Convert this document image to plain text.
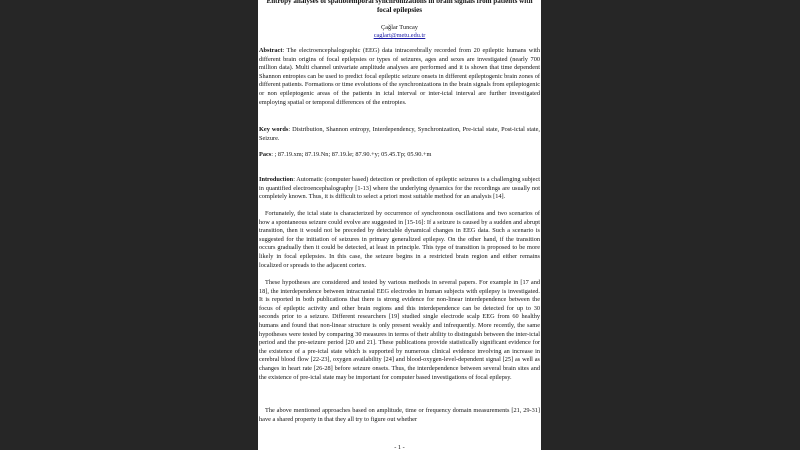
Entropy analyses of spatiotemporal synchronizations in brain signals from patients with focal epilepsies
Çağlar Tuncay
caglart@metu.edu.tr

Abstract: The electroencephalographic (EEG) data intracerebrally recorded from 20 epileptic humans with different brain origins of focal epilepsies or types of seizures, ages and sexes are investigated (nearly 700 million data). Multi channel univariate amplitude analyses are performed and it is shown that time dependent Shannon entropies can be used to predict focal epileptic seizure onsets in different epileptogenic brain zones of different patients. Formations or time evolutions of the synchronizations in the brain signals from epileptogenic or non epileptogenic areas of the patients in ictal interval or inter-ictal interval are further investigated employing spatial or temporal differences of the entropies.

Key words: Distribution, Shannon entropy, Interdependency, Synchronization, Pre-ictal state, Post-ictal state, Seizure.

Pacs: ; 87.19.xm; 87.19.Nn; 87.19.le; 87.90.+y; 05.45.Tp; 05.90.+m

Introduction: Automatic (computer based) detection or prediction of epileptic seizures is a challenging subject in quantified electroencephalography [1-13] where the underlying dynamics for the recordings are usually not completely known. Thus, it is difficult to select a priori most suitable method for an analysis [14].

Fortunately, the ictal state is characterized by occurrence of synchronous oscillations and two scenarios of how a spontaneous seizure could evolve are suggested in [15-16]: If a seizure is caused by a sudden and abrupt transition, then it would not be preceded by detectable dynamical changes in EEG data. Such a scenario is suggested for the initiation of seizures in primary generalized epilepsy. On the other hand, if the transition occurs gradually then it could be detected, at least in principle. This type of transition is proposed to be more likely in focal epilepsies. In this case, the seizure begins in a restricted brain region and either remains localized or spreads to the adjacent cortex.

These hypotheses are considered and tested by various methods in several papers. For example in [17 and 18], the interdependence between intracranial EEG electrodes in human subjects with epilepsy is investigated. It is reported in both publications that there is strong evidence for non-linear interdependence between the focus of epileptic activity and other brain regions and this interdependence can be detected for up to 30 seconds prior to a seizure. Different researchers [19] studied single electrode scalp EEG from 60 healthy humans and found that non-linear structure is only present weakly and infrequently. More recently, the same hypotheses were tested by comparing 30 measures in terms of their ability to distinguish between the inter-ictal period and the pre-seizure period [20 and 21]. These publications provide statistically significant evidence for the existence of a pre-ictal state which is supported by numerous clinical evidence involving an increase in cerebral blood flow [22-23], oxygen availability [24] and blood-oxygen-level-dependent signal [25] as well as changes in heart rate [26-28] before seizure onsets. Thus, the interdependence between several brain sites and the existence of pre-ictal state may be important for computer based investigations of focal epilepsy.

The above mentioned approaches based on amplitude, time or frequency domain measurements [21, 29-31] have a shared property in that they all try to figure out whether

- 1 -
